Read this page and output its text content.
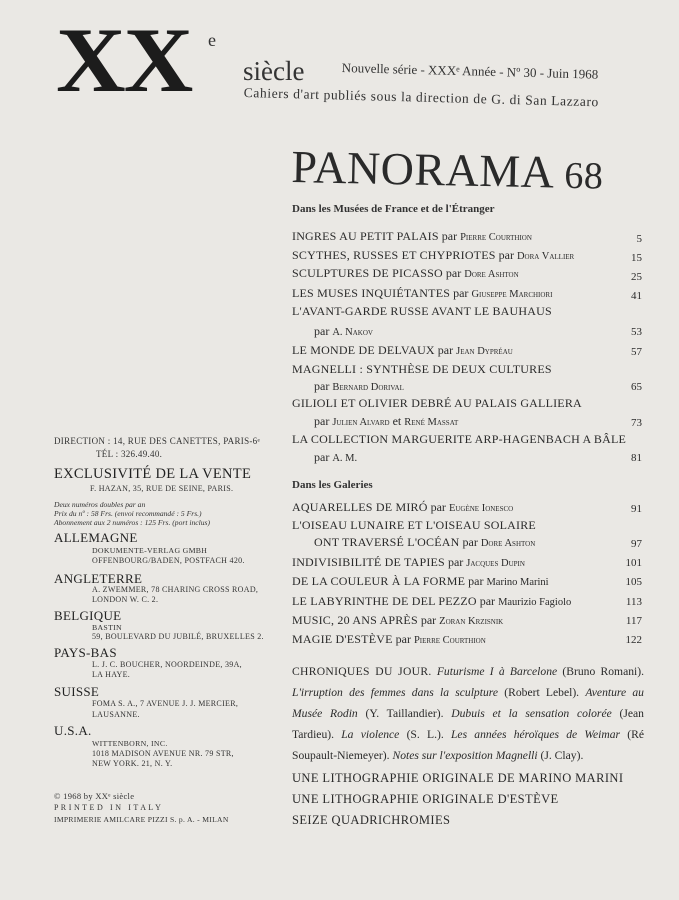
XX e
siècle	Nouvelle série - XXXᵉ Année - Nº 30 - Juin 1968
Cahiers d'art publiés sous la direction de G. di San Lazzaro
PANORAMA 68
Dans les Musées de France et de l'Étranger
INGRES AU PETIT PALAIS par Pierre Courthion	5
SCYTHES, RUSSES ET CHYPRIOTES par Dora Vallier	15
SCULPTURES DE PICASSO par Dore Ashton	25
LES MUSES INQUIÉTANTES par Giuseppe Marchiori	41
L'AVANT-GARDE RUSSE AVANT LE BAUHAUS
par A. Nakov	53
LE MONDE DE DELVAUX par Jean Dypréau	57
MAGNELLI : SYNTHÈSE DE DEUX CULTURES
par Bernard Dorival	65
GILIOLI ET OLIVIER DEBRÉ AU PALAIS GALLIERA
par Julien Alvard et René Massat	73
LA COLLECTION MARGUERITE ARP-HAGENBACH A BÂLE
par A. M.	81
Dans les Galeries
AQUARELLES DE MIRÓ par Eugène Ionesco	91
L'OISEAU LUNAIRE ET L'OISEAU SOLAIRE
ONT TRAVERSÉ L'OCÉAN par Dore Ashton	97
INDIVISIBILITÉ DE TAPIES par Jacques Dupin	101
DE LA COULEUR À LA FORME par Marino Marini	105
LE LABYRINTHE DE DEL PEZZO par Maurizio Fagiolo	113
MUSIC, 20 ANS APRÈS par Zoran Krzisnik	117
MAGIE D'ESTÈVE par Pierre Courthion	122
CHRONIQUES DU JOUR. Futurisme I à Barcelone (Bruno Romani). L'irruption des femmes dans la sculpture (Robert Lebel). Aventure au Musée Rodin (Y. Taillandier). Dubuis et la sensation colorée (Jean Tardieu). La violence (S. L.). Les années héroïques de Weimar (Ré Soupault-Niemeyer). Notes sur l'exposition Magnelli (J. Clay).
UNE LITHOGRAPHIE ORIGINALE DE MARINO MARINI
UNE LITHOGRAPHIE ORIGINALE D'ESTÈVE
SEIZE QUADRICHROMIES
DIRECTION : 14, RUE DES CANETTES, PARIS-6ᵉ
TÉL : 326.49.40.
EXCLUSIVITÉ DE LA VENTE
F. HAZAN, 35, RUE DE SEINE, PARIS.
Deux numéros doubles par an
Prix du nº : 58 Frs. (envoi recommandé : 5 Frs.)
Abonnement aux 2 numéros : 125 Frs. (port inclus)
ALLEMAGNE
DOKUMENTE-VERLAG GMBH
OFFENBOURG/BADEN, POSTFACH 420.
ANGLETERRE
A. ZWEMMER, 78 CHARING CROSS ROAD,
LONDON W. C. 2.
BELGIQUE
BASTIN
59, BOULEVARD DU JUBILÉ, BRUXELLES 2.
PAYS-BAS
L. J. C. BOUCHER, NOORDEINDE, 39A,
LA HAYE.
SUISSE
FOMA S. A., 7 AVENUE J. J. MERCIER,
LAUSANNE.
U.S.A.
WITTENBORN, INC.
1018 MADISON AVENUE NR. 79 STR,
NEW YORK. 21, N. Y.
© 1968 by XXᵉ siècle
P R I N T E D   I N   I T A L Y
IMPRIMERIE AMILCARE PIZZI S. p. A. - MILAN
